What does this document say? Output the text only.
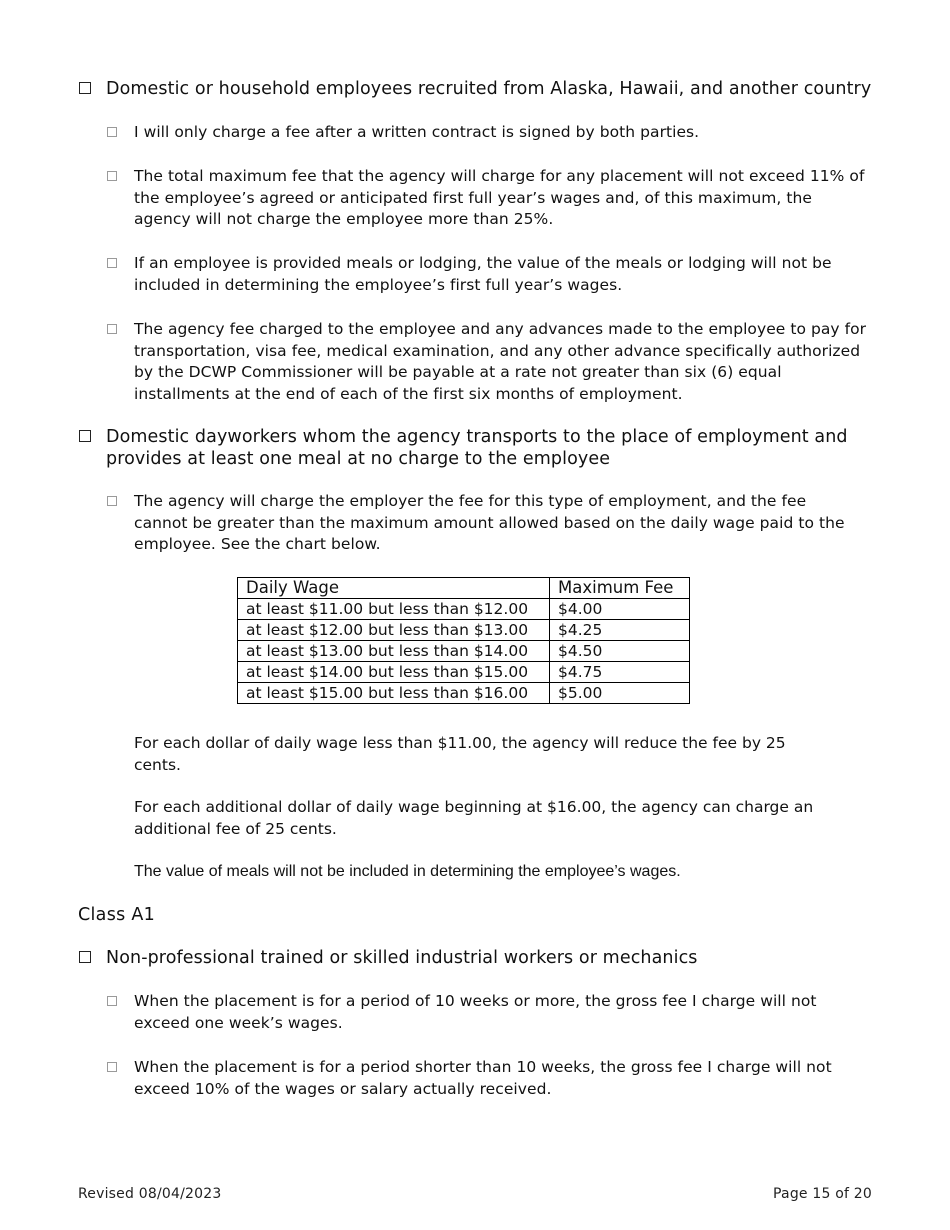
Domestic or household employees recruited from Alaska, Hawaii, and another country
I will only charge a fee after a written contract is signed by both parties.
The total maximum fee that the agency will charge for any placement will not exceed 11% of the employee’s agreed or anticipated first full year’s wages and, of this maximum, the agency will not charge the employee more than 25%.
If an employee is provided meals or lodging, the value of the meals or lodging will not be included in determining the employee’s first full year’s wages.
The agency fee charged to the employee and any advances made to the employee to pay for transportation, visa fee, medical examination, and any other advance specifically authorized by the DCWP Commissioner will be payable at a rate not greater than six (6) equal installments at the end of each of the first six months of employment.
Domestic dayworkers whom the agency transports to the place of employment and provides at least one meal at no charge to the employee
The agency will charge the employer the fee for this type of employment, and the fee cannot be greater than the maximum amount allowed based on the daily wage paid to the employee. See the chart below.
Daily Wage	Maximum Fee
at least $11.00 but less than $12.00	$4.00
at least $12.00 but less than $13.00	$4.25
at least $13.00 but less than $14.00	$4.50
at least $14.00 but less than $15.00	$4.75
at least $15.00 but less than $16.00	$5.00
For each dollar of daily wage less than $11.00, the agency will reduce the fee by 25 cents.
For each additional dollar of daily wage beginning at $16.00, the agency can charge an additional fee of 25 cents.
The value of meals will not be included in determining the employee’s wages.
Class A1
Non-professional trained or skilled industrial workers or mechanics
When the placement is for a period of 10 weeks or more, the gross fee I charge will not exceed one week’s wages.
When the placement is for a period shorter than 10 weeks, the gross fee I charge will not exceed 10% of the wages or salary actually received.
Revised 08/04/2023	Page 15 of 20
